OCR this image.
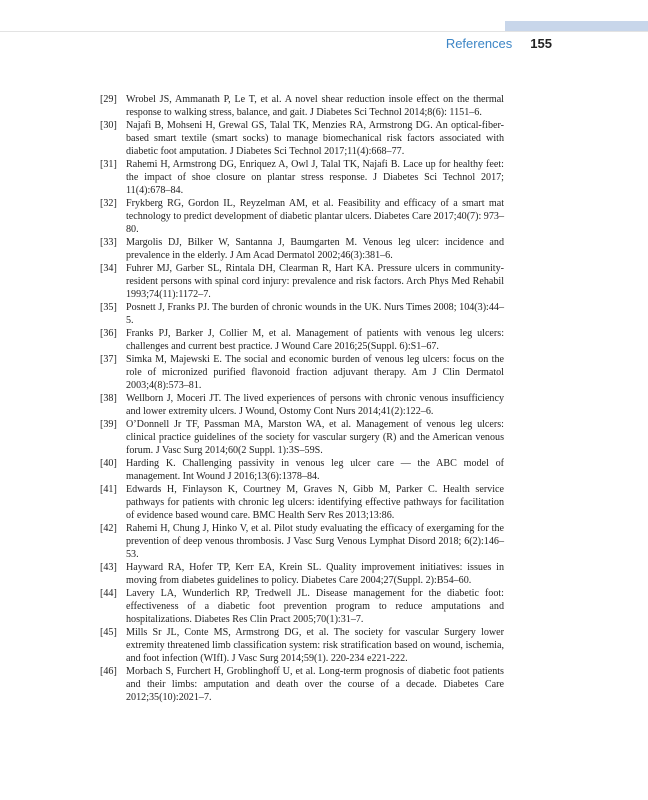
References 155
[29] Wrobel JS, Ammanath P, Le T, et al. A novel shear reduction insole effect on the thermal response to walking stress, balance, and gait. J Diabetes Sci Technol 2014;8(6): 1151–6.
[30] Najafi B, Mohseni H, Grewal GS, Talal TK, Menzies RA, Armstrong DG. An optical-fiber-based smart textile (smart socks) to manage biomechanical risk factors associated with diabetic foot amputation. J Diabetes Sci Technol 2017;11(4):668–77.
[31] Rahemi H, Armstrong DG, Enriquez A, Owl J, Talal TK, Najafi B. Lace up for healthy feet: the impact of shoe closure on plantar stress response. J Diabetes Sci Technol 2017; 11(4):678–84.
[32] Frykberg RG, Gordon IL, Reyzelman AM, et al. Feasibility and efficacy of a smart mat technology to predict development of diabetic plantar ulcers. Diabetes Care 2017;40(7): 973–80.
[33] Margolis DJ, Bilker W, Santanna J, Baumgarten M. Venous leg ulcer: incidence and prevalence in the elderly. J Am Acad Dermatol 2002;46(3):381–6.
[34] Fuhrer MJ, Garber SL, Rintala DH, Clearman R, Hart KA. Pressure ulcers in community-resident persons with spinal cord injury: prevalence and risk factors. Arch Phys Med Rehabil 1993;74(11):1172–7.
[35] Posnett J, Franks PJ. The burden of chronic wounds in the UK. Nurs Times 2008; 104(3):44–5.
[36] Franks PJ, Barker J, Collier M, et al. Management of patients with venous leg ulcers: challenges and current best practice. J Wound Care 2016;25(Suppl. 6):S1–67.
[37] Simka M, Majewski E. The social and economic burden of venous leg ulcers: focus on the role of micronized purified flavonoid fraction adjuvant therapy. Am J Clin Dermatol 2003;4(8):573–81.
[38] Wellborn J, Moceri JT. The lived experiences of persons with chronic venous insufficiency and lower extremity ulcers. J Wound, Ostomy Cont Nurs 2014;41(2):122–6.
[39] O’Donnell Jr TF, Passman MA, Marston WA, et al. Management of venous leg ulcers: clinical practice guidelines of the society for vascular surgery (R) and the American venous forum. J Vasc Surg 2014;60(2 Suppl. 1):3S–59S.
[40] Harding K. Challenging passivity in venous leg ulcer care — the ABC model of management. Int Wound J 2016;13(6):1378–84.
[41] Edwards H, Finlayson K, Courtney M, Graves N, Gibb M, Parker C. Health service pathways for patients with chronic leg ulcers: identifying effective pathways for facilitation of evidence based wound care. BMC Health Serv Res 2013;13:86.
[42] Rahemi H, Chung J, Hinko V, et al. Pilot study evaluating the efficacy of exergaming for the prevention of deep venous thrombosis. J Vasc Surg Venous Lymphat Disord 2018; 6(2):146–53.
[43] Hayward RA, Hofer TP, Kerr EA, Krein SL. Quality improvement initiatives: issues in moving from diabetes guidelines to policy. Diabetes Care 2004;27(Suppl. 2):B54–60.
[44] Lavery LA, Wunderlich RP, Tredwell JL. Disease management for the diabetic foot: effectiveness of a diabetic foot prevention program to reduce amputations and hospitalizations. Diabetes Res Clin Pract 2005;70(1):31–7.
[45] Mills Sr JL, Conte MS, Armstrong DG, et al. The society for vascular Surgery lower extremity threatened limb classification system: risk stratification based on wound, ischemia, and foot infection (WIfI). J Vasc Surg 2014;59(1). 220-234 e221-222.
[46] Morbach S, Furchert H, Groblinghoff U, et al. Long-term prognosis of diabetic foot patients and their limbs: amputation and death over the course of a decade. Diabetes Care 2012;35(10):2021–7.
